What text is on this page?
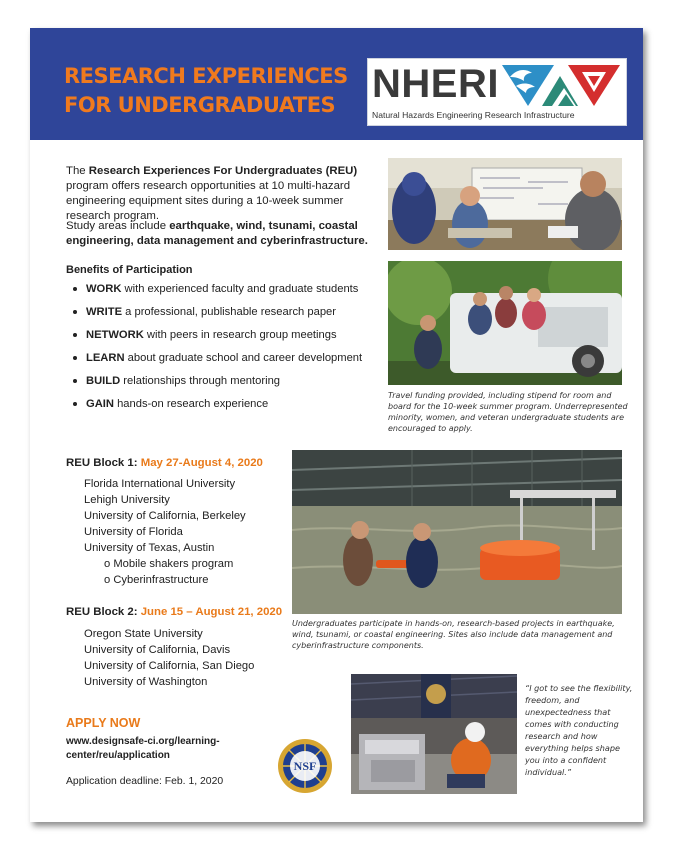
RESEARCH EXPERIENCES
FOR UNDERGRADUATES NHERI
Natural Hazards Engineering Research Infrastructure

The Research Experiences For Undergraduates (REU) program offers research opportunities at 10 multi-hazard engineering equipment sites during a 10-week summer research program.

Study areas include earthquake, wind, tsunami, coastal engineering, data management and cyberinfrastructure.

Benefits of Participation
WORK with experienced faculty and graduate students
WRITE a professional, publishable research paper
NETWORK with peers in research group meetings
LEARN about graduate school and career development
BUILD relationships through mentoring
GAIN hands-on research experience

Travel funding provided, including stipend for room and board for the 10-week summer program. Underrepresented minority, women, and veteran undergraduate students are encouraged to apply.

REU Block 1: May 27-August 4, 2020

Florida International University
Lehigh University
University of California, Berkeley
University of Florida
University of Texas, Austin
o Mobile shakers program
o Cyberinfrastructure

Undergraduates participate in hands-on, research-based projects in earthquake, wind, tsunami, or coastal engineering. Sites also include data management and cyberinfrastructure components.

REU Block 2: June 15 – August 21, 2020

Oregon State University
University of California, Davis
University of California, San Diego
University of Washington
APPLY NOW

www.designsafe-ci.org/learning-center/reu/application

Application deadline: Feb. 1, 2020

NSF

“I got to see the flexibility, freedom, and unexpectedness that comes with conducting research and how everything helps shape you into a confident individual.”
